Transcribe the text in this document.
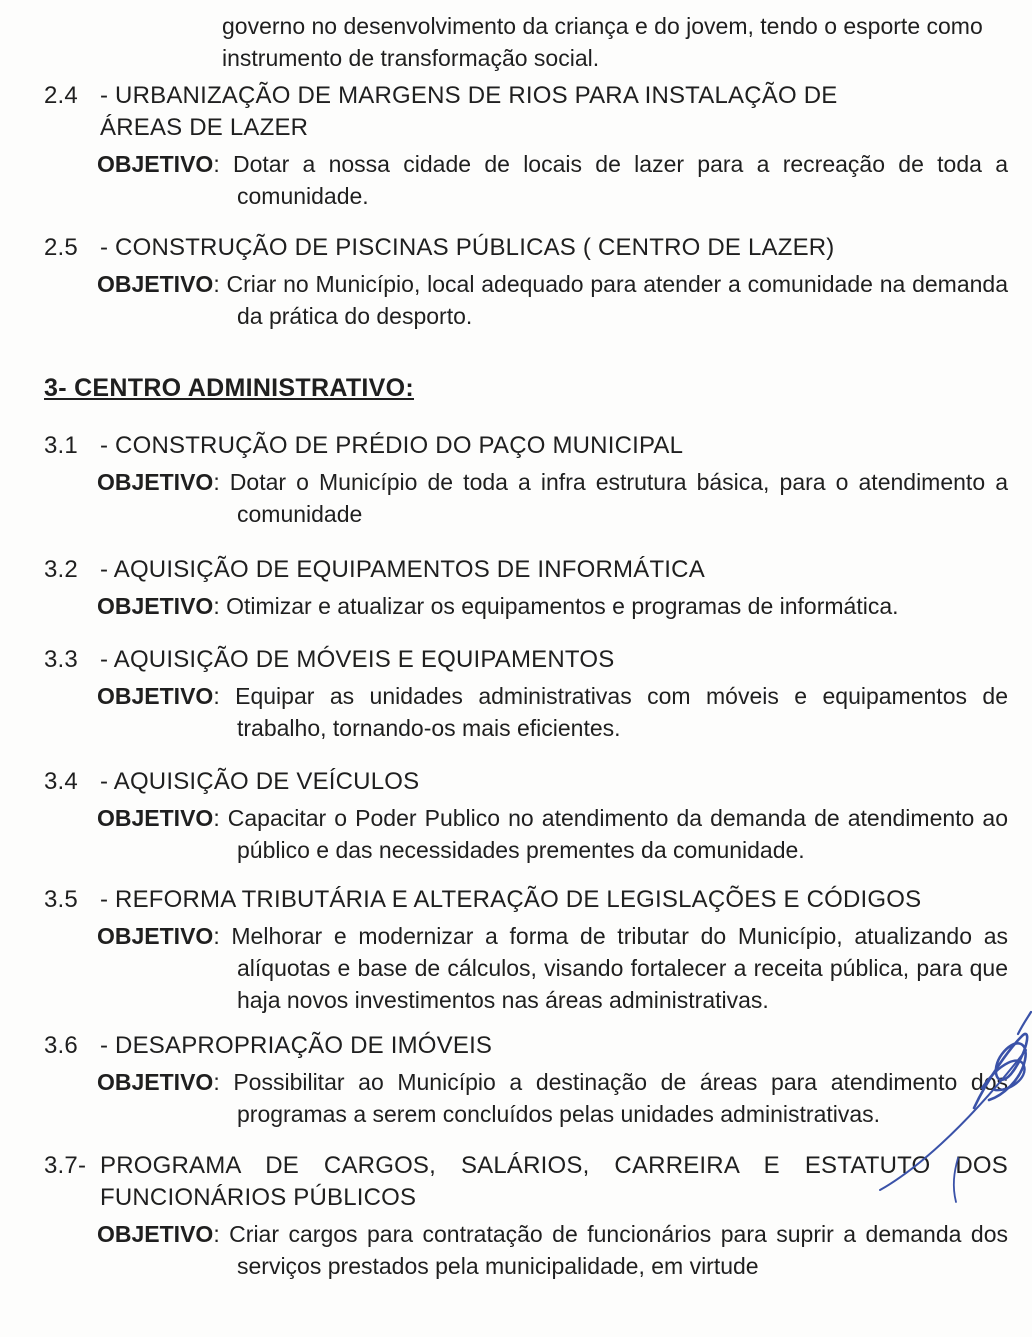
governo no desenvolvimento da criança e do jovem, tendo o esporte como instrumento de transformação social.

2.4 - URBANIZAÇÃO DE MARGENS DE RIOS PARA INSTALAÇÃO DE ÁREAS DE LAZER

OBJETIVO: Dotar a nossa cidade de locais de lazer para a recreação de toda a comunidade.

2.5 - CONSTRUÇÃO DE PISCINAS PÚBLICAS ( CENTRO DE LAZER)

OBJETIVO: Criar no Município, local adequado para atender a comunidade na demanda da prática do desporto.

3- CENTRO ADMINISTRATIVO:
3.1 - CONSTRUÇÃO DE PRÉDIO DO PAÇO MUNICIPAL

OBJETIVO: Dotar o Município de toda a infra estrutura básica, para o atendimento a comunidade

3.2 - AQUISIÇÃO DE EQUIPAMENTOS DE INFORMÁTICA

OBJETIVO: Otimizar e atualizar os equipamentos e programas de informática.

3.3 - AQUISIÇÃO DE MÓVEIS E EQUIPAMENTOS

OBJETIVO: Equipar as unidades administrativas com móveis e equipamentos de trabalho, tornando-os mais eficientes.

3.4 - AQUISIÇÃO DE VEÍCULOS

OBJETIVO: Capacitar o Poder Publico no atendimento da demanda de atendimento ao público e das necessidades prementes da comunidade.

3.5 - REFORMA TRIBUTÁRIA E ALTERAÇÃO DE LEGISLAÇÕES E CÓDIGOS

OBJETIVO: Melhorar e modernizar a forma de tributar do Município, atualizando as alíquotas e base de cálculos, visando fortalecer a receita pública, para que haja novos investimentos nas áreas administrativas.

3.6 - DESAPROPRIAÇÃO DE IMÓVEIS

OBJETIVO: Possibilitar ao Município a destinação de áreas para atendimento dos programas a serem concluídos pelas unidades administrativas.

3.7- PROGRAMA DE CARGOS, SALÁRIOS, CARREIRA E ESTATUTO DOS FUNCIONÁRIOS PÚBLICOS

OBJETIVO: Criar cargos para contratação de funcionários para suprir a demanda dos serviços prestados pela municipalidade, em virtude
